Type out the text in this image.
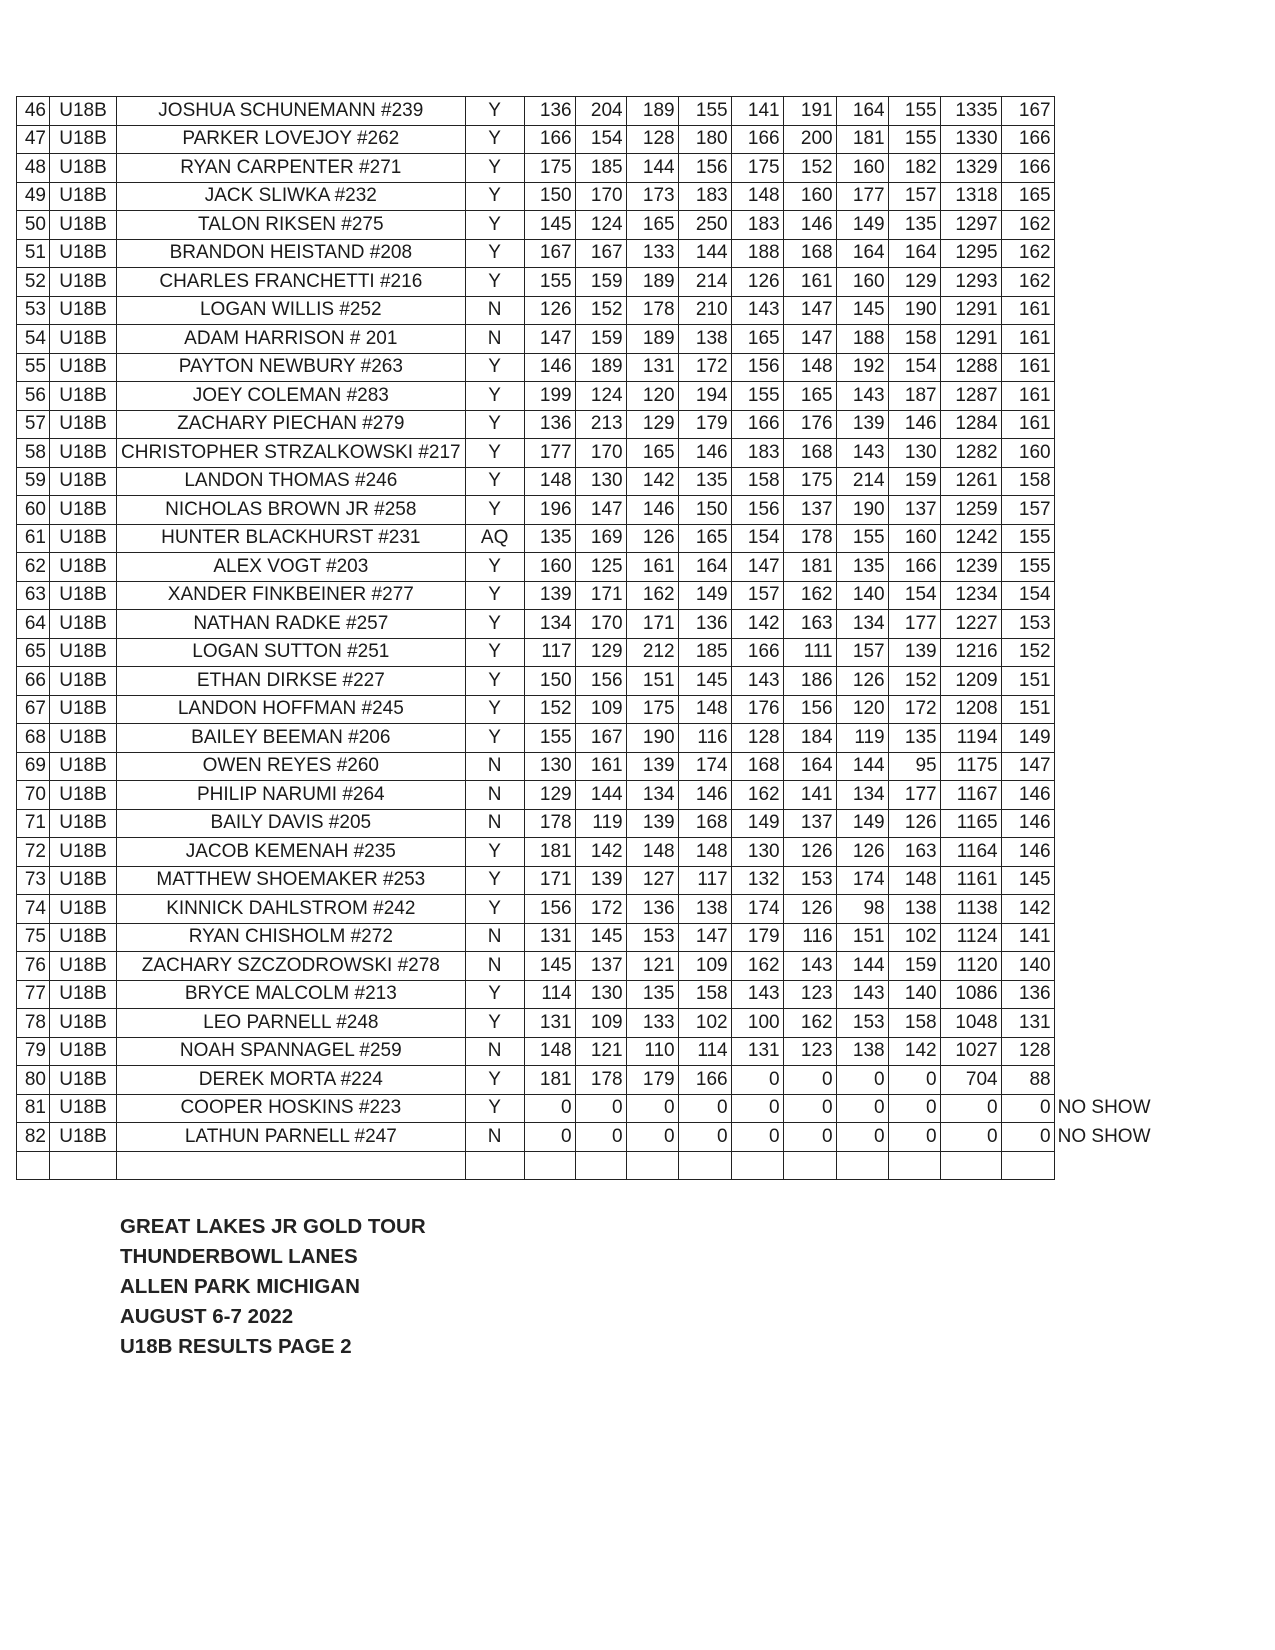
46	U18B	JOSHUA SCHUNEMANN #239	Y	136	204	189	155	141	191	164	155	1335	167	
47	U18B	PARKER LOVEJOY #262	Y	166	154	128	180	166	200	181	155	1330	166	
48	U18B	RYAN CARPENTER #271	Y	175	185	144	156	175	152	160	182	1329	166	
49	U18B	JACK SLIWKA #232	Y	150	170	173	183	148	160	177	157	1318	165	
50	U18B	TALON RIKSEN #275	Y	145	124	165	250	183	146	149	135	1297	162	
51	U18B	BRANDON HEISTAND #208	Y	167	167	133	144	188	168	164	164	1295	162	
52	U18B	CHARLES FRANCHETTI #216	Y	155	159	189	214	126	161	160	129	1293	162	
53	U18B	LOGAN WILLIS #252	N	126	152	178	210	143	147	145	190	1291	161	
54	U18B	ADAM HARRISON # 201	N	147	159	189	138	165	147	188	158	1291	161	
55	U18B	PAYTON NEWBURY #263	Y	146	189	131	172	156	148	192	154	1288	161	
56	U18B	JOEY COLEMAN #283	Y	199	124	120	194	155	165	143	187	1287	161	
57	U18B	ZACHARY PIECHAN #279	Y	136	213	129	179	166	176	139	146	1284	161	
58	U18B	CHRISTOPHER STRZALKOWSKI #217	Y	177	170	165	146	183	168	143	130	1282	160	
59	U18B	LANDON THOMAS #246	Y	148	130	142	135	158	175	214	159	1261	158	
60	U18B	NICHOLAS BROWN JR #258	Y	196	147	146	150	156	137	190	137	1259	157	
61	U18B	HUNTER BLACKHURST #231	AQ	135	169	126	165	154	178	155	160	1242	155	
62	U18B	ALEX VOGT #203	Y	160	125	161	164	147	181	135	166	1239	155	
63	U18B	XANDER FINKBEINER #277	Y	139	171	162	149	157	162	140	154	1234	154	
64	U18B	NATHAN RADKE #257	Y	134	170	171	136	142	163	134	177	1227	153	
65	U18B	LOGAN SUTTON #251	Y	117	129	212	185	166	111	157	139	1216	152	
66	U18B	ETHAN DIRKSE #227	Y	150	156	151	145	143	186	126	152	1209	151	
67	U18B	LANDON HOFFMAN #245	Y	152	109	175	148	176	156	120	172	1208	151	
68	U18B	BAILEY BEEMAN #206	Y	155	167	190	116	128	184	119	135	1194	149	
69	U18B	OWEN REYES #260	N	130	161	139	174	168	164	144	95	1175	147	
70	U18B	PHILIP NARUMI #264	N	129	144	134	146	162	141	134	177	1167	146	
71	U18B	BAILY DAVIS #205	N	178	119	139	168	149	137	149	126	1165	146	
72	U18B	JACOB KEMENAH #235	Y	181	142	148	148	130	126	126	163	1164	146	
73	U18B	MATTHEW SHOEMAKER #253	Y	171	139	127	117	132	153	174	148	1161	145	
74	U18B	KINNICK DAHLSTROM #242	Y	156	172	136	138	174	126	98	138	1138	142	
75	U18B	RYAN CHISHOLM #272	N	131	145	153	147	179	116	151	102	1124	141	
76	U18B	ZACHARY SZCZODROWSKI #278	N	145	137	121	109	162	143	144	159	1120	140	
77	U18B	BRYCE MALCOLM #213	Y	114	130	135	158	143	123	143	140	1086	136	
78	U18B	LEO PARNELL #248	Y	131	109	133	102	100	162	153	158	1048	131	
79	U18B	NOAH SPANNAGEL #259	N	148	121	110	114	131	123	138	142	1027	128	
80	U18B	DEREK MORTA #224	Y	181	178	179	166	0	0	0	0	704	88	
81	U18B	COOPER HOSKINS #223	Y	0	0	0	0	0	0	0	0	0	0	NO SHOW
82	U18B	LATHUN PARNELL #247	N	0	0	0	0	0	0	0	0	0	0	NO SHOW

GREAT LAKES JR GOLD TOUR
THUNDERBOWL LANES
ALLEN PARK MICHIGAN
AUGUST 6-7 2022
U18B RESULTS PAGE 2
